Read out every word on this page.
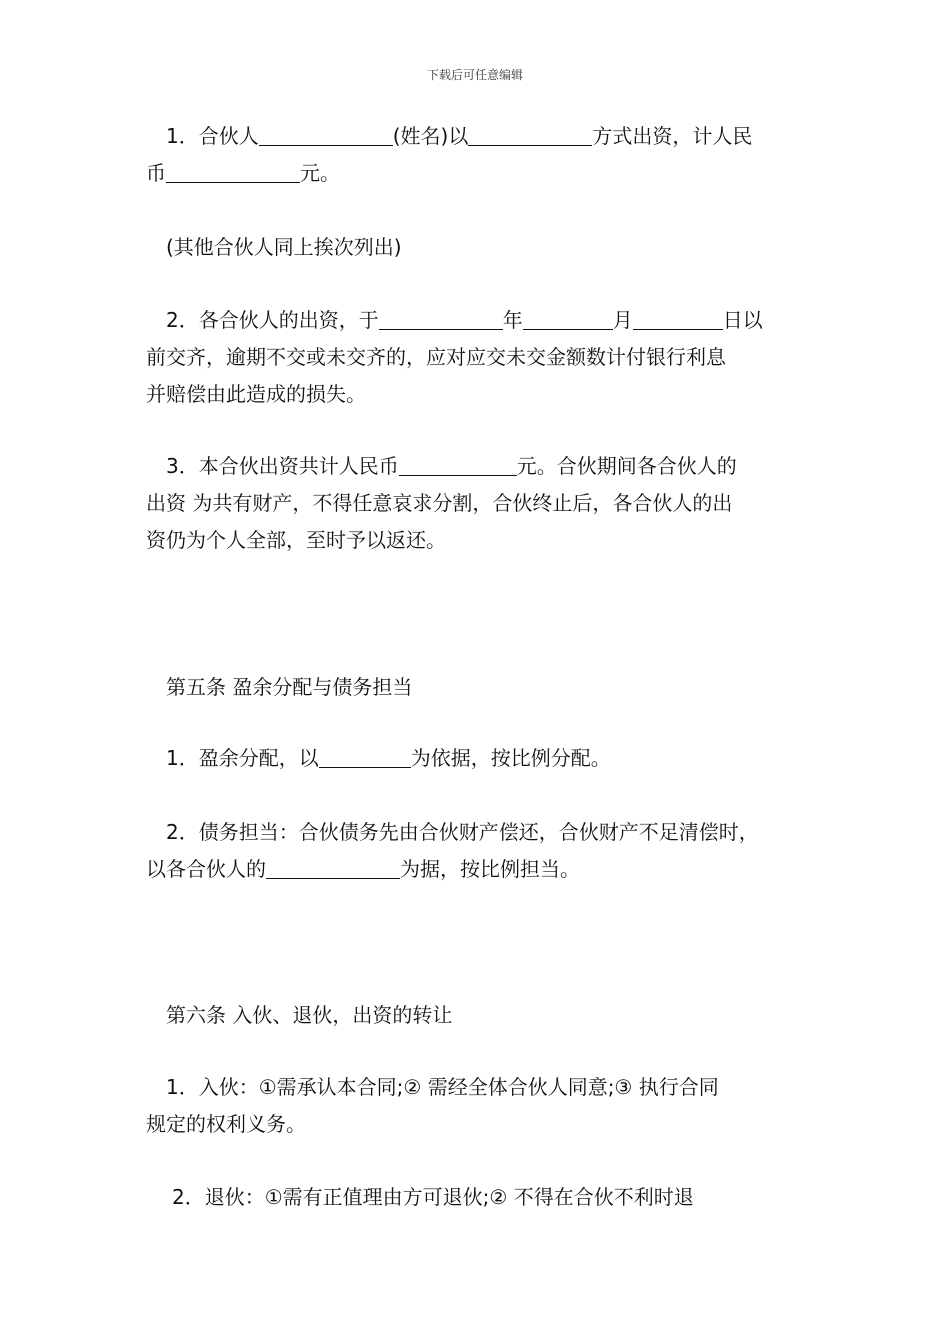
下载后可任意编辑
1．合伙人	(姓名)以	方式出资，计人民
币	元。
(其他合伙人同上挨次列出)
2．各合伙人的出资，于	年	月	日以
前交齐，逾期不交或未交齐的，应对应交未交金额数计付银行利息
并赔偿由此造成的损失。
3．本合伙出资共计人民币	元。合伙期间各合伙人的
出资 为共有财产，不得任意哀求分割，合伙终止后，各合伙人的出
资仍为个人全部，至时予以返还。
第五条 盈余分配与债务担当
1．盈余分配，以	为依据，按比例分配。
2．债务担当：合伙债务先由合伙财产偿还，合伙财产不足清偿时，
以各合伙人的	为据，按比例担当。
第六条 入伙、退伙，出资的转让
1．入伙：①需承认本合同;② 需经全体合伙人同意;③ 执行合同
规定的权利义务。
2．退伙：①需有正值理由方可退伙;② 不得在合伙不利时退
